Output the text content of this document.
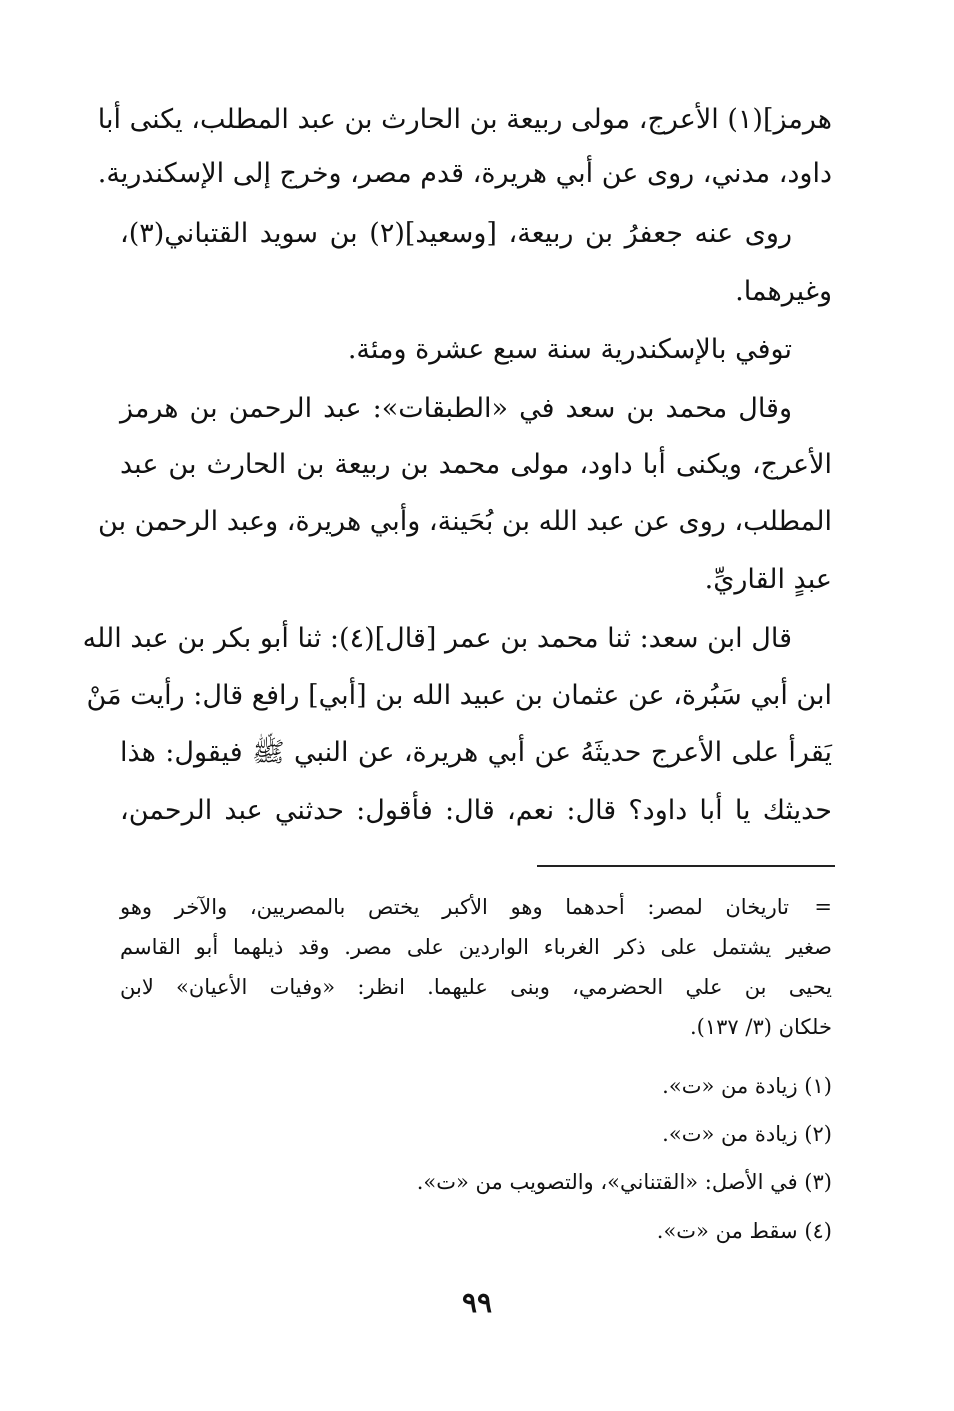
هرمز](١) الأعرج، مولى ربيعة بن الحارث بن عبد المطلب، يكنى أبا
داود، مدني، روى عن أبي هريرة، قدم مصر، وخرج إلى الإسكندرية.
روى عنه جعفرُ بن ربيعة، [وسعيد](٢) بن سويد القتباني(٣)،
وغيرهما.
توفي بالإسكندرية سنة سبع عشرة ومئة.
وقال محمد بن سعد في «الطبقات»: عبد الرحمن بن هرمز
الأعرج، ويكنى أبا داود، مولى محمد بن ربيعة بن الحارث بن عبد
المطلب، روى عن عبد الله بن بُحَينة، وأبي هريرة، وعبد الرحمن بن
عبدٍ القاريِّ.
قال ابن سعد: ثنا محمد بن عمر [قال](٤): ثنا أبو بكر بن عبد الله
ابن أبي سَبُرة، عن عثمان بن عبيد الله بن [أبي] رافع قال: رأيت مَنْ
يَقرأ على الأعرج حديثَهُ عن أبي هريرة، عن النبي ﷺ فيقول: هذا
حديثك يا أبا داود؟ قال: نعم، قال: فأقول: حدثني عبد الرحمن،
=
تاريخان لمصر: أحدهما وهو الأكبر يختص بالمصريين، والآخر وهو
صغير يشتمل على ذكر الغرباء الواردين على مصر. وقد ذيلهما أبو القاسم
يحيى بن علي الحضرمي، وبنى عليهما. انظر: «وفيات الأعيان» لابن
خلكان (٣/ ١٣٧).
(١) زيادة من «ت».
(٢) زيادة من «ت».
(٣) في الأصل: «القتناني»، والتصويب من «ت».
(٤) سقط من «ت».
٩٩
